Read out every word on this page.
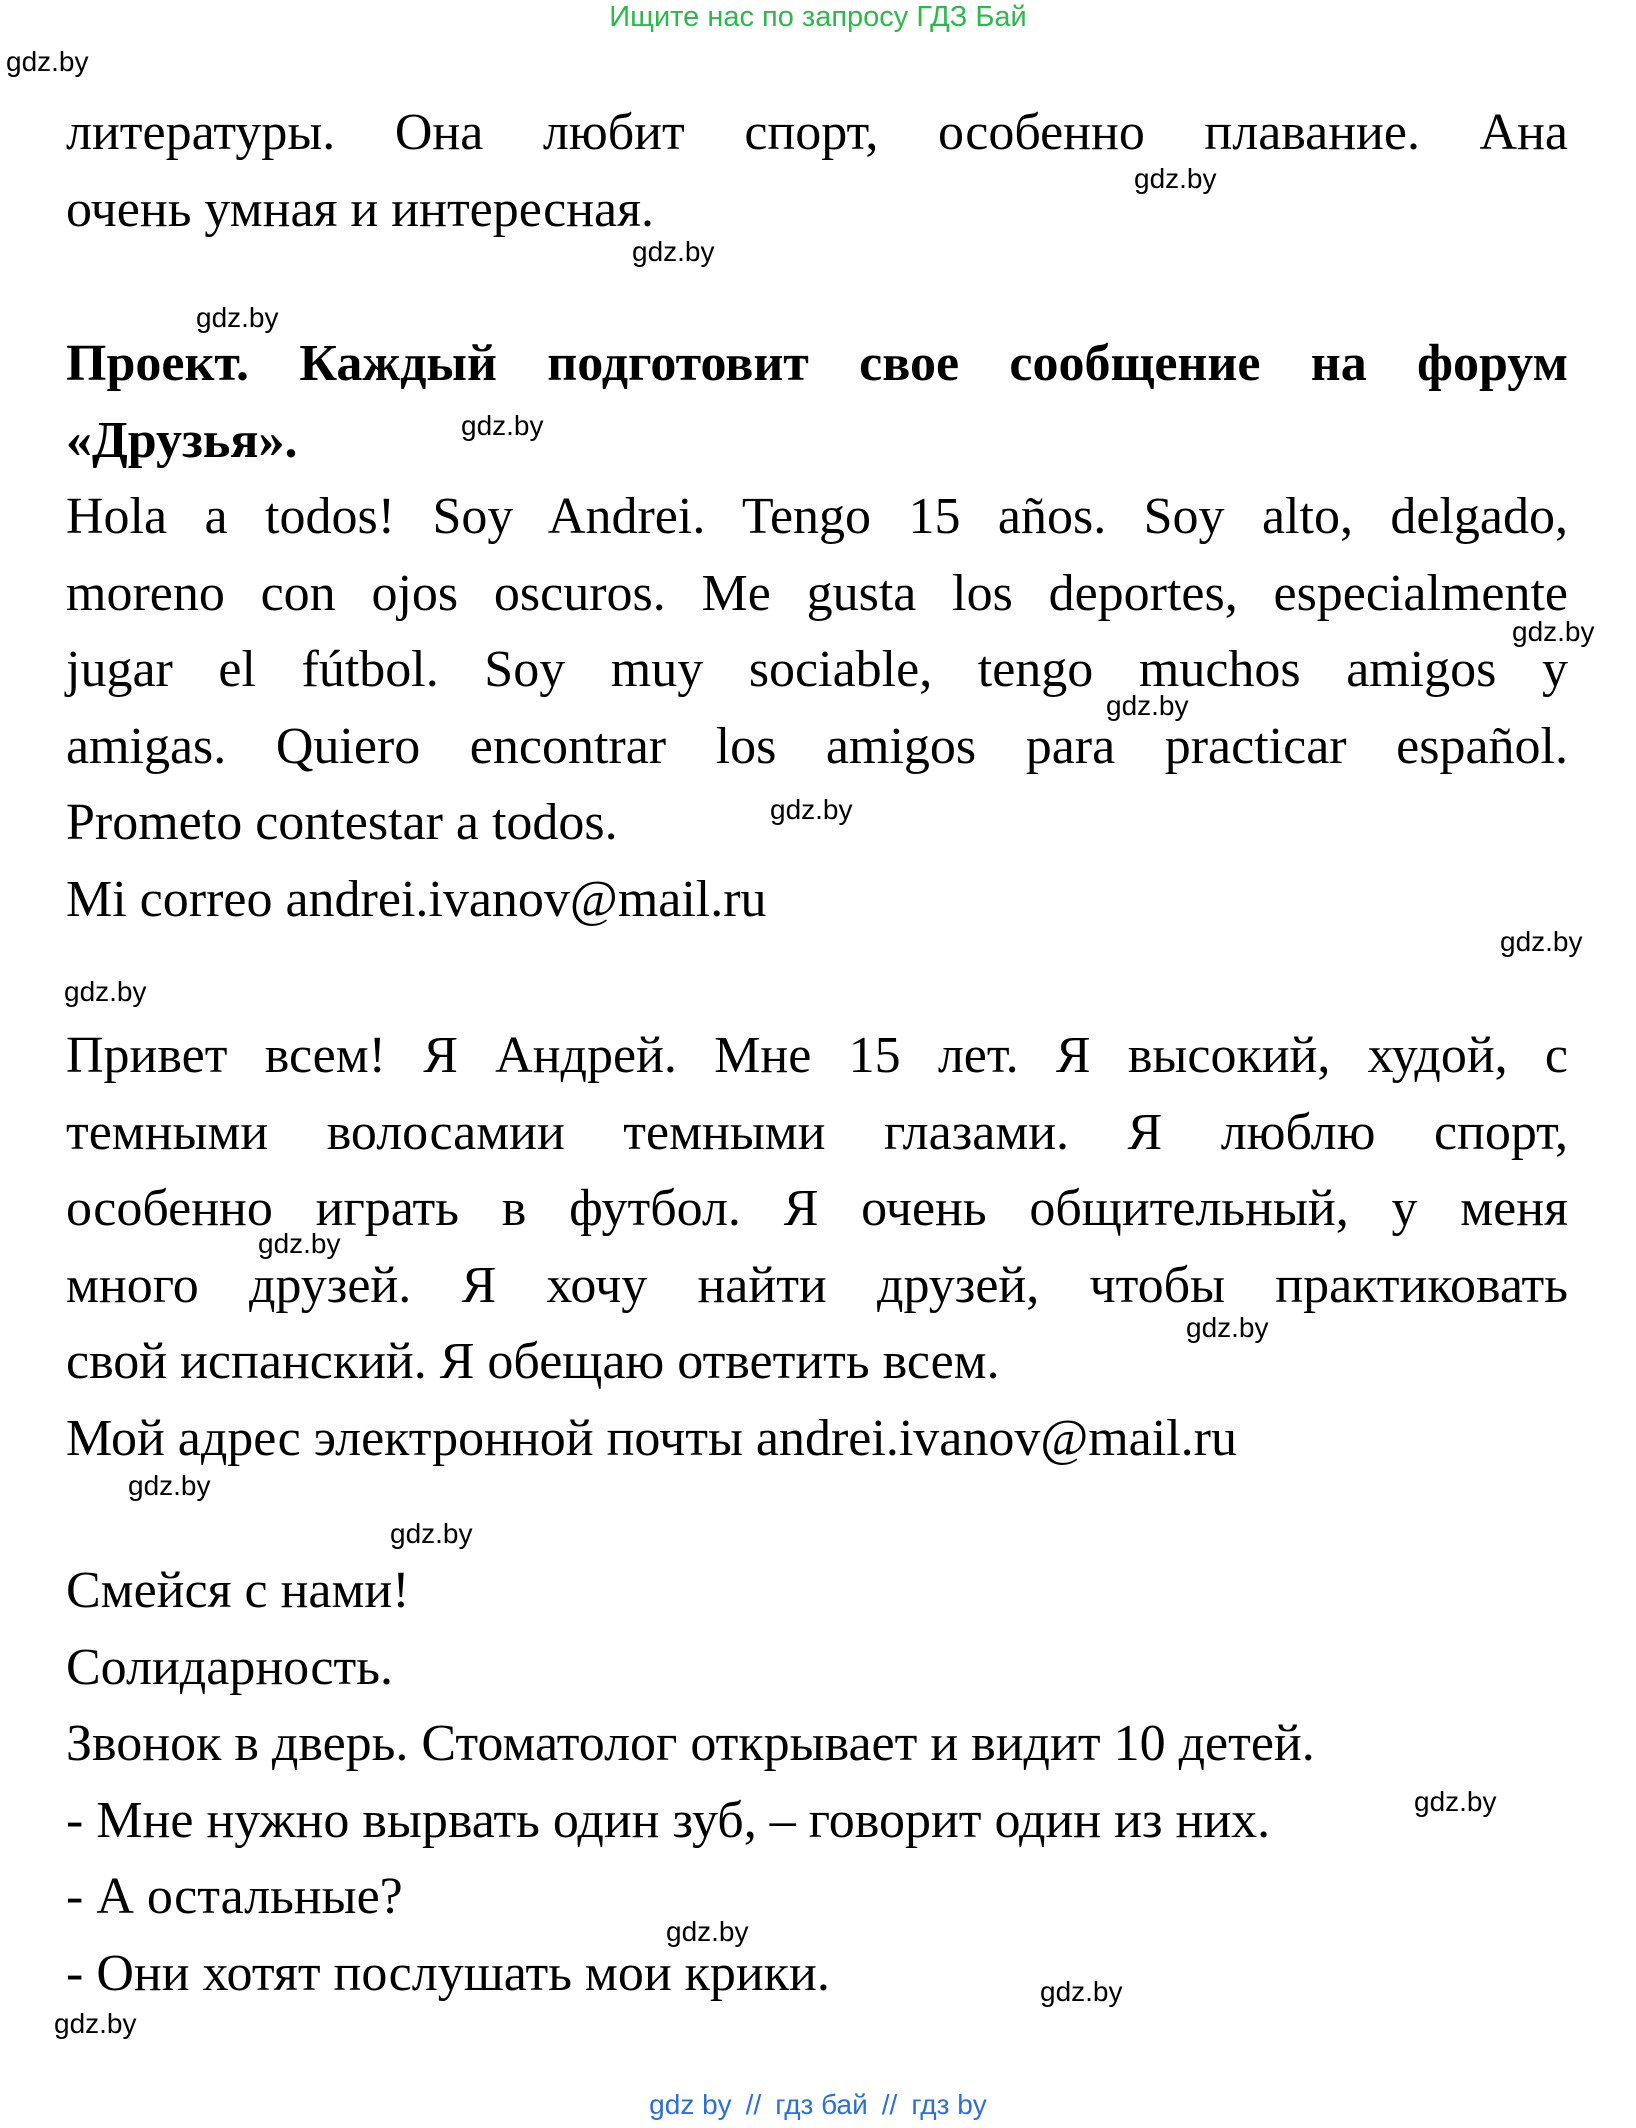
Ищите нас по запросу ГДЗ Бай
литературы. Она любит спорт, особенно плавание. Ана
очень умная и интересная.
Проект. Каждый подготовит свое сообщение на форум
«Друзья».
Hola a todos! Soy Andrei. Tengo 15 años. Soy alto, delgado,
moreno con ojos oscuros. Me gusta los deportes, especialmente
jugar el fútbol. Soy muy sociable, tengo muchos amigos y
amigas. Quiero encontrar los amigos para practicar español.
Prometo contestar a todos.
Mi correo andrei.ivanov@mail.ru
Привет всем! Я Андрей. Мне 15 лет. Я высокий, худой, с
темными волосамии темными глазами. Я люблю спорт,
особенно играть в футбол. Я очень общительный, у меня
много друзей. Я хочу найти друзей, чтобы практиковать
свой испанский. Я обещаю ответить всем.
Мой адрес электронной почты andrei.ivanov@mail.ru
Смейся с нами!
Солидарность.
Звонок в дверь. Стоматолог открывает и видит 10 детей.
- Мне нужно вырвать один зуб, – говорит один из них.
- А остальные?
- Они хотят послушать мои крики.
gdz.by
gdz.by
gdz.by
gdz.by
gdz.by
gdz.by
gdz.by
gdz.by
gdz.by
gdz.by
gdz.by
gdz.by
gdz.by
gdz.by
gdz.by
gdz.by
gdz.by
gdz.by
gdz by // гдз бай // гдз by
